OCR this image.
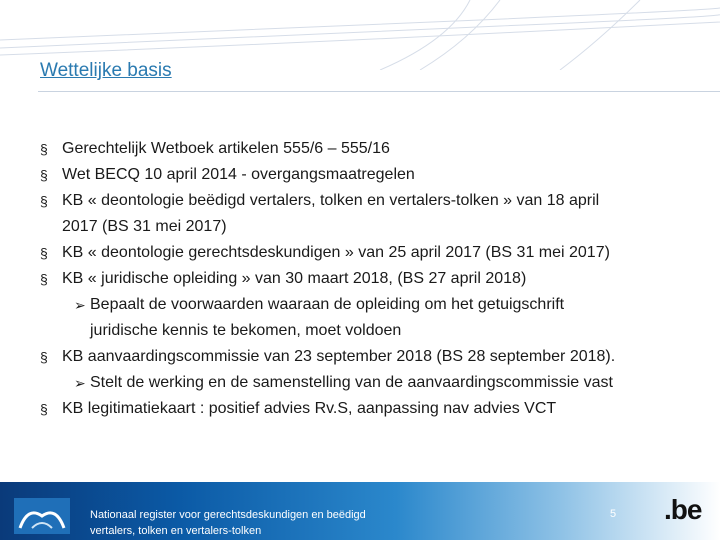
Wettelijke basis
§ Gerechtelijk Wetboek artikelen 555/6 – 555/16
§ Wet BECQ 10 april 2014 - overgangsmaatregelen
§ KB « deontologie beëdigd vertalers, tolken en vertalers-tolken » van 18 april
2017 (BS 31 mei 2017)
§ KB « deontologie gerechtsdeskundigen » van 25 april 2017 (BS 31 mei 2017)
§ KB « juridische opleiding » van 30 maart 2018, (BS 27 april 2018)
➢ Bepaalt de voorwaarden waaraan de opleiding om het getuigschrift
juridische kennis te bekomen, moet voldoen
§ KB aanvaardingscommissie van 23 september 2018 (BS 28 september 2018).
➢ Stelt de werking en de samenstelling van de aanvaardingscommissie vast
§ KB legitimatiekaart : positief advies Rv.S, aanpassing nav advies VCT
Nationaal register voor gerechtsdeskundigen en beëdigd
vertalers, tolken en vertalers-tolken
5 .be
